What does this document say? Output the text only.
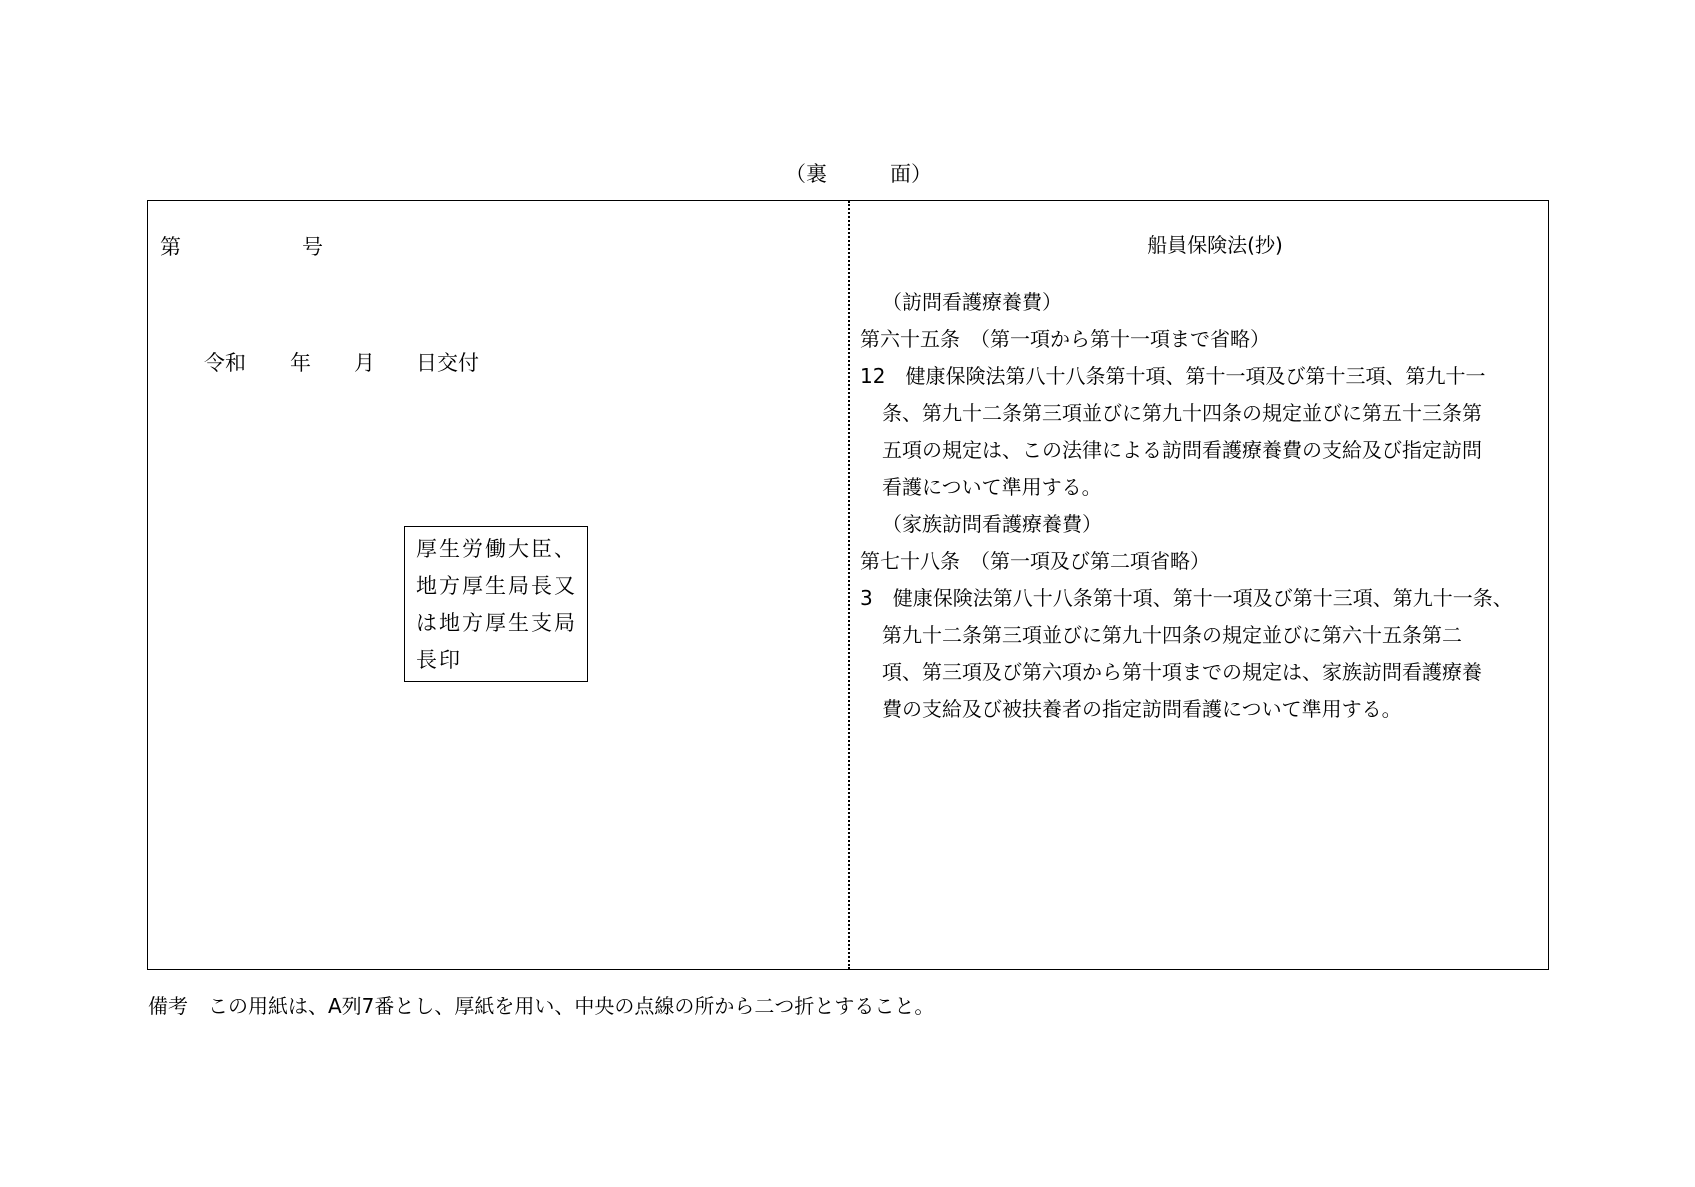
（裏　　　面）
第	号
令和 年 月 日交付
厚生労働大臣、
地方厚生局長又
は地方厚生支局
長印
船員保険法(抄)
（訪問看護療養費）
第六十五条　（第一項から第十一項まで省略）
12　健康保険法第八十八条第十項、第十一項及び第十三項、第九十一
条、第九十二条第三項並びに第九十四条の規定並びに第五十三条第
五項の規定は、この法律による訪問看護療養費の支給及び指定訪問
看護について準用する。
（家族訪問看護療養費）
第七十八条　（第一項及び第二項省略）
3　健康保険法第八十八条第十項、第十一項及び第十三項、第九十一条、
第九十二条第三項並びに第九十四条の規定並びに第六十五条第二
項、第三項及び第六項から第十項までの規定は、家族訪問看護療養
費の支給及び被扶養者の指定訪問看護について準用する。
備考　この用紙は、A列7番とし、厚紙を用い、中央の点線の所から二つ折とすること。
